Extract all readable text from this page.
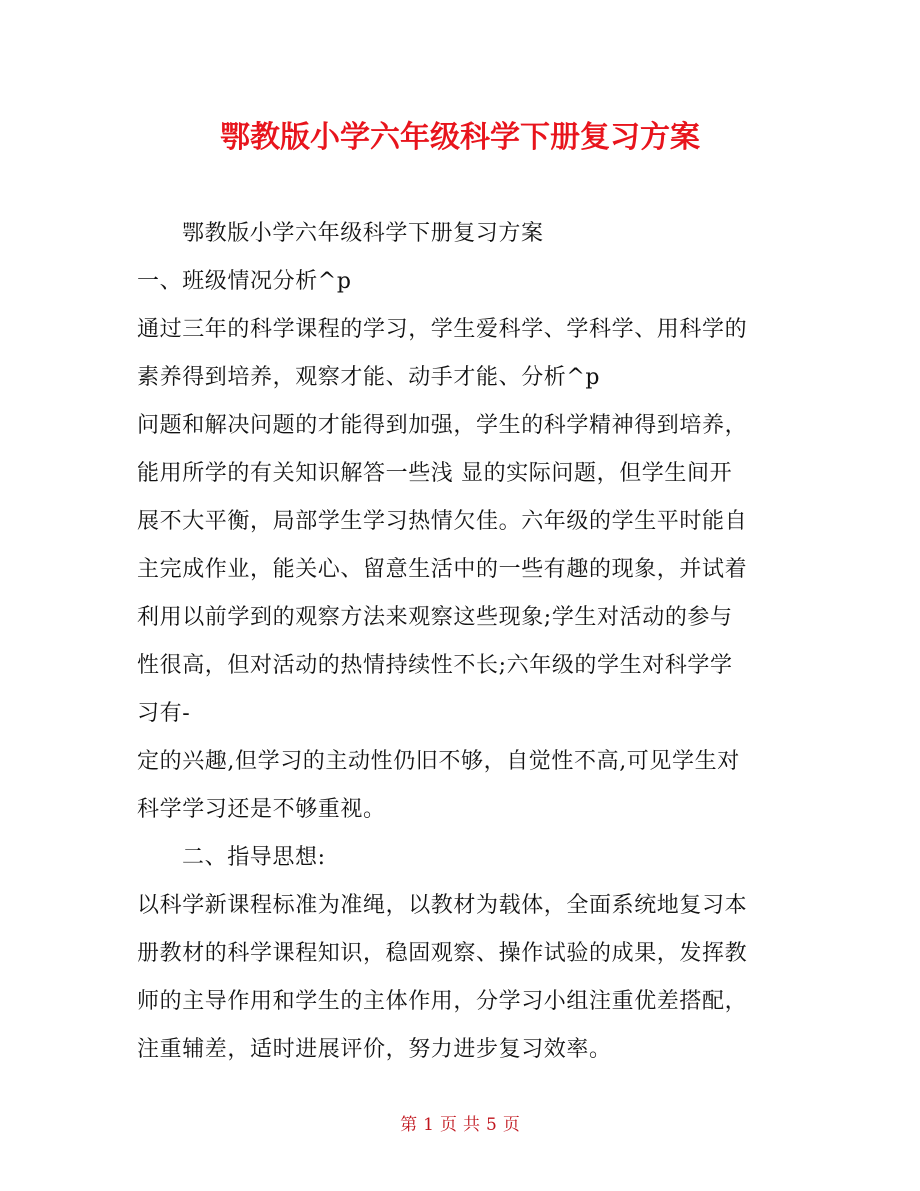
鄂教版小学六年级科学下册复习方案
鄂教版小学六年级科学下册复习方案
一、班级情况分析^p
通过三年的科学课程的学习，学生爱科学、学科学、用科学的
素养得到培养，观察才能、动手才能、分析^p
问题和解决问题的才能得到加强，学生的科学精神得到培养，
能用所学的有关知识解答一些浅 显的实际问题，但学生间开
展不大平衡，局部学生学习热情欠佳。六年级的学生平时能自
主完成作业，能关心、留意生活中的一些有趣的现象，并试着
利用以前学到的观察方法来观察这些现象;学生对活动的参与
性很高，但对活动的热情持续性不长;六年级的学生对科学学
习有-
定的兴趣,但学习的主动性仍旧不够，自觉性不高,可见学生对
科学学习还是不够重视。
二、指导思想:
以科学新课程标准为准绳，以教材为载体，全面系统地复习本
册教材的科学课程知识，稳固观察、操作试验的成果，发挥教
师的主导作用和学生的主体作用，分学习小组注重优差搭配，
注重辅差，适时进展评价，努力进步复习效率。
第 1 页 共 5 页
